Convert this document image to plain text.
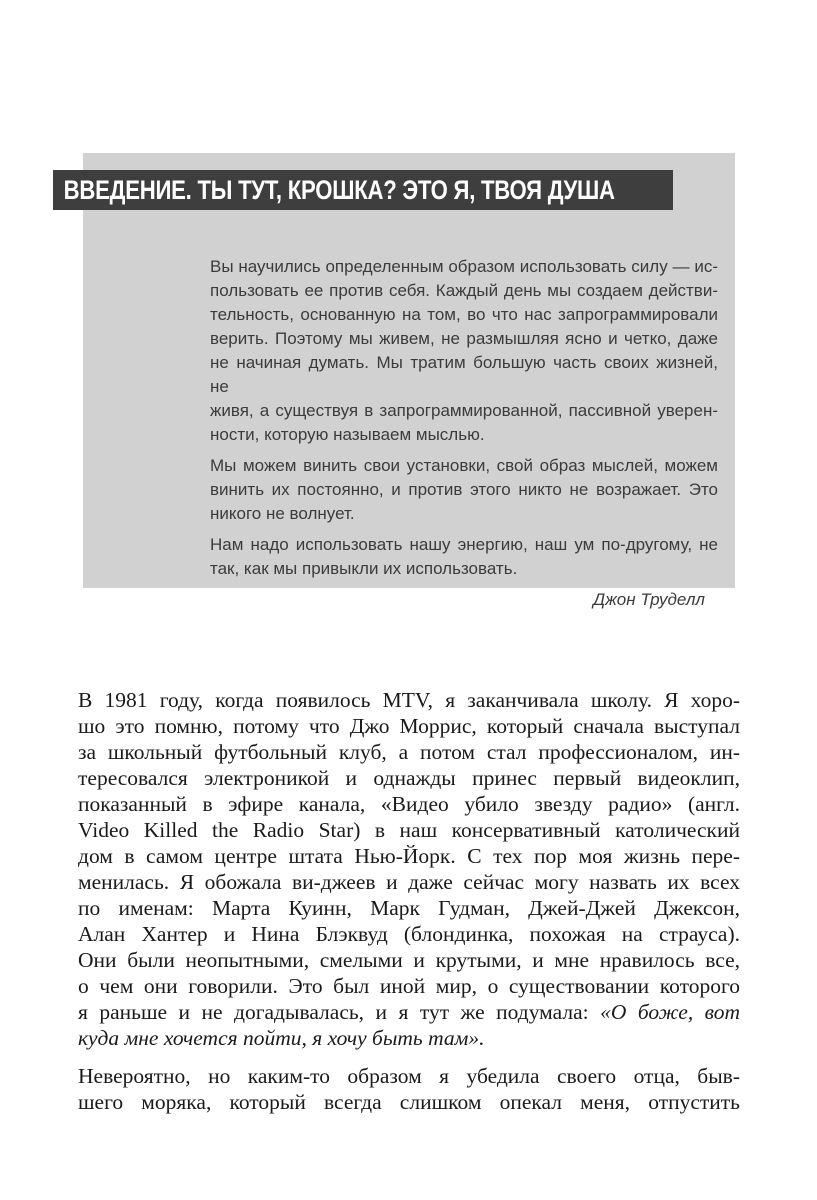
ВВЕДЕНИЕ. ТЫ ТУТ, КРОШКА? ЭТО Я, ТВОЯ ДУША
Вы научились определенным образом использовать силу — ис-
пользовать ее против себя. Каждый день мы создаем действи-
тельность, основанную на том, во что нас запрограммировали
верить. Поэтому мы живем, не размышляя ясно и четко, даже
не начиная думать. Мы тратим большую часть своих жизней, не
живя, а существуя в запрограммированной, пассивной уверен-
ности, которую называем мыслью.
Мы можем винить свои установки, свой образ мыслей, можем
винить их постоянно, и против этого никто не возражает. Это
никого не волнует.
Нам надо использовать нашу энергию, наш ум по-другому, не
так, как мы привыкли их использовать.
Джон Труделл
В 1981 году, когда появилось MTV, я заканчивала школу. Я хоро-
шо это помню, потому что Джо Моррис, который сначала выступал
за школьный футбольный клуб, а потом стал профессионалом, ин-
тересовался электроникой и однажды принес первый видеоклип,
показанный в эфире канала, «Видео убило звезду радио» (англ.
Video Killed the Radio Star) в наш консервативный католический
дом в самом центре штата Нью-Йорк. С тех пор моя жизнь пере-
менилась. Я обожала ви-джеев и даже сейчас могу назвать их всех
по именам: Марта Куинн, Марк Гудман, Джей-Джей Джексон,
Алан Хантер и Нина Блэквуд (блондинка, похожая на страуса).
Они были неопытными, смелыми и крутыми, и мне нравилось все,
о чем они говорили. Это был иной мир, о существовании которого
я раньше и не догадывалась, и я тут же подумала: «О боже, вот
куда мне хочется пойти, я хочу быть там».
Невероятно, но каким-то образом я убедила своего отца, быв-
шего моряка, который всегда слишком опекал меня, отпустить
